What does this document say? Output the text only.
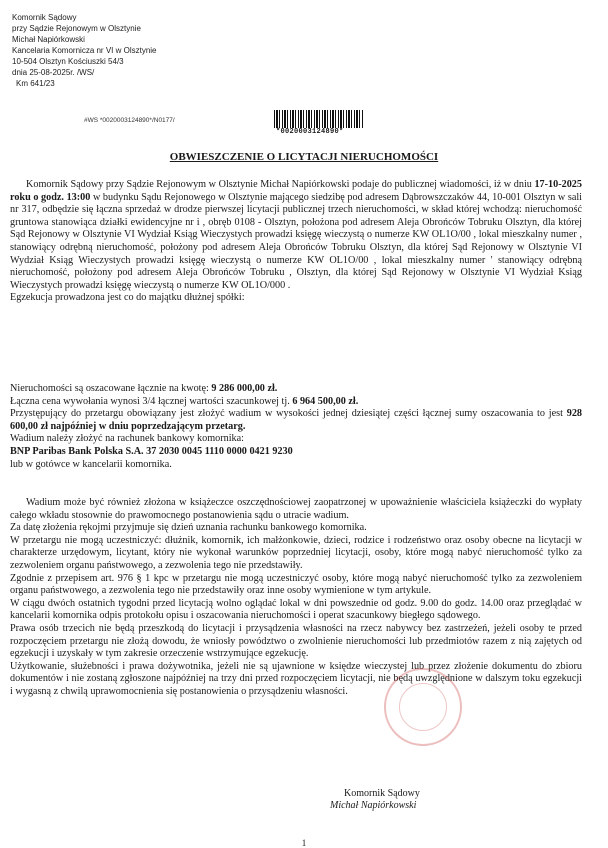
Komornik Sądowy
przy Sądzie Rejonowym w Olsztynie
Michał Napiórkowski
Kancelaria Komornicza nr VI w Olsztynie
10-504 Olsztyn Kościuszki 54/3
dnia 25-08-2025r. /WS/
Km 641/23
#WS *0020003124890*/N0177/
*0020003124890*
OBWIESZCZENIE O LICYTACJI NIERUCHOMOŚCI

Komornik Sądowy przy Sądzie Rejonowym w Olsztynie Michał Napiórkowski podaje do publicznej wiadomości, iż w dniu 17-10-2025 roku o godz. 13:00 w budynku Sądu Rejonowego w Olsztynie mającego siedzibę pod adresem Dąbrowszczaków 44, 10-001 Olsztyn w sali nr 317, odbędzie się łączna sprzedaż w drodze pierwszej licytacji publicznej trzech nieruchomości, w skład której wchodzą: nieruchomość gruntowa stanowiąca działki ewidencyjne nr i , obręb 0108 - Olsztyn, położona pod adresem Aleja Obrońców Tobruku Olsztyn, dla której Sąd Rejonowy w Olsztynie VI Wydział Ksiąg Wieczystych prowadzi księgę wieczystą o numerze KW OL1O/00 , lokal mieszkalny numer , stanowiący odrębną nieruchomość, położony pod adresem Aleja Obrońców Tobruku Olsztyn, dla której Sąd Rejonowy w Olsztynie VI Wydział Ksiąg Wieczystych prowadzi księgę wieczystą o numerze KW OL1O/00 , lokal mieszkalny numer ' stanowiący odrębną nieruchomość, położony pod adresem Aleja Obrońców Tobruku , Olsztyn, dla której Sąd Rejonowy w Olsztynie VI Wydział Ksiąg Wieczystych prowadzi księgę wieczystą o numerze KW OL1O/000 .

Egzekucja prowadzona jest co do majątku dłużnej spółki:

Nieruchomości są oszacowane łącznie na kwotę: 9 286 000,00 zł.

Łączna cena wywołania wynosi 3/4 łącznej wartości szacunkowej tj. 6 964 500,00 zł.

Przystępujący do przetargu obowiązany jest złożyć wadium w wysokości jednej dziesiątej części łącznej sumy oszacowania to jest 928 600,00 zł najpóźniej w dniu poprzedzającym przetarg.

Wadium należy złożyć na rachunek bankowy komornika:

BNP Paribas Bank Polska S.A. 37 2030 0045 1110 0000 0421 9230

lub w gotówce w kancelarii komornika.

Wadium może być również złożona w książeczce oszczędnościowej zaopatrzonej w upoważnienie właściciela książeczki do wypłaty całego wkładu stosownie do prawomocnego postanowienia sądu o utracie wadium.

Za datę złożenia rękojmi przyjmuje się dzień uznania rachunku bankowego komornika.

W przetargu nie mogą uczestniczyć: dłużnik, komornik, ich małżonkowie, dzieci, rodzice i rodzeństwo oraz osoby obecne na licytacji w charakterze urzędowym, licytant, który nie wykonał warunków poprzedniej licytacji, osoby, które mogą nabyć nieruchomość tylko za zezwoleniem organu państwowego, a zezwolenia tego nie przedstawiły.

Zgodnie z przepisem art. 976 § 1 kpc w przetargu nie mogą uczestniczyć osoby, które mogą nabyć nieruchomość tylko za zezwoleniem organu państwowego, a zezwolenia tego nie przedstawiły oraz inne osoby wymienione w tym artykule.

W ciągu dwóch ostatnich tygodni przed licytacją wolno oglądać lokal w dni powszednie od godz. 9.00 do godz. 14.00 oraz przeglądać w kancelarii komornika odpis protokołu opisu i oszacowania nieruchomości i operat szacunkowy biegłego sądowego.

Prawa osób trzecich nie będą przeszkodą do licytacji i przysądzenia własności na rzecz nabywcy bez zastrzeżeń, jeżeli osoby te przed rozpoczęciem przetargu nie złożą dowodu, że wniosły powództwo o zwolnienie nieruchomości lub przedmiotów razem z nią zajętych od egzekucji i uzyskały w tym zakresie orzeczenie wstrzymujące egzekucję.

Użytkowanie, służebności i prawa dożywotnika, jeżeli nie są ujawnione w księdze wieczystej lub przez złożenie dokumentu do zbioru dokumentów i nie zostaną zgłoszone najpóźniej na trzy dni przed rozpoczęciem licytacji, nie będą uwzględnione w dalszym toku egzekucji i wygasną z chwilą uprawomocnienia się postanowienia o przysądzeniu własności.

Komornik Sądowy
Michał Napiórkowski
1
